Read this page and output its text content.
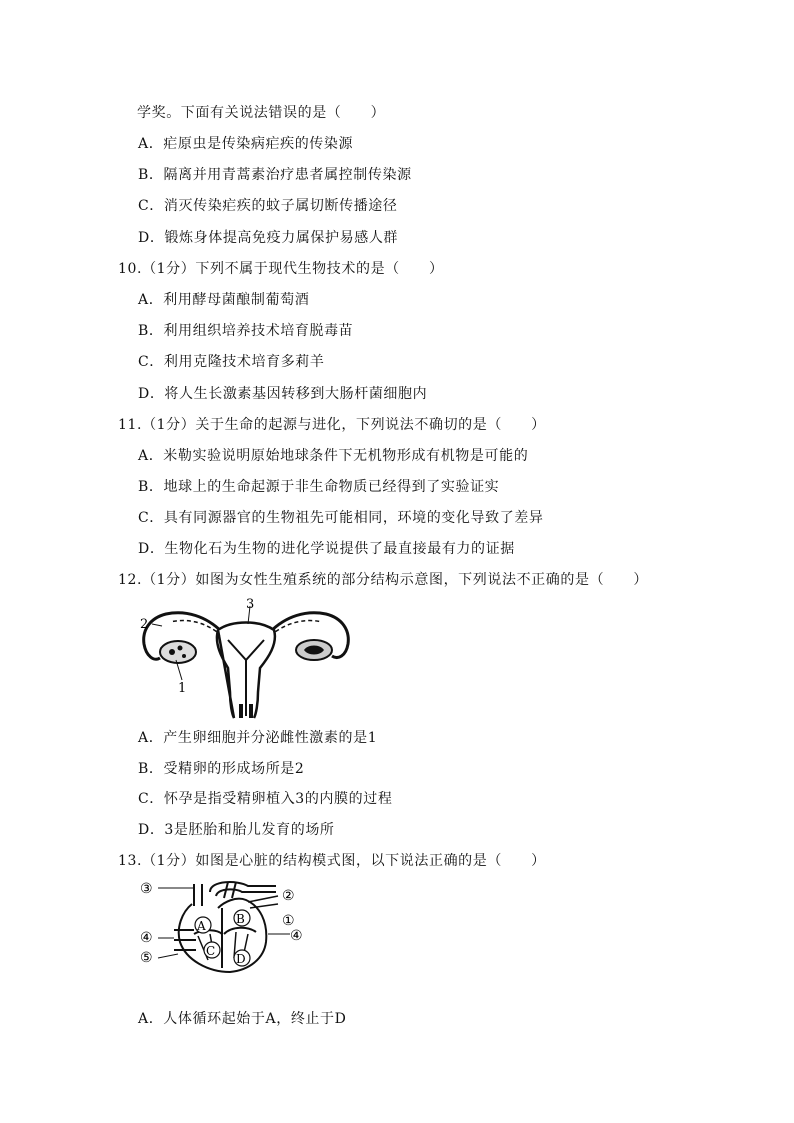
学奖。下面有关说法错误的是（　　）
A．疟原虫是传染病疟疾的传染源
B．隔离并用青蒿素治疗患者属控制传染源
C．消灭传染疟疾的蚊子属切断传播途径
D．锻炼身体提高免疫力属保护易感人群
10.（1分）下列不属于现代生物技术的是（　　）
A．利用酵母菌酿制葡萄酒
B．利用组织培养技术培育脱毒苗
C．利用克隆技术培育多莉羊
D．将人生长激素基因转移到大肠杆菌细胞内
11.（1分）关于生命的起源与进化，下列说法不确切的是（　　）
A．米勒实验说明原始地球条件下无机物形成有机物是可能的
B．地球上的生命起源于非生命物质已经得到了实验证实
C．具有同源器官的生物祖先可能相同，环境的变化导致了差异
D．生物化石为生物的进化学说提供了最直接最有力的证据
12.（1分）如图为女性生殖系统的部分结构示意图，下列说法不正确的是（　　）
3
2
1
A．产生卵细胞并分泌雌性激素的是1
B．受精卵的形成场所是2
C．怀孕是指受精卵植入3的内膜的过程
D．3是胚胎和胎儿发育的场所
13.（1分）如图是心脏的结构模式图，以下说法正确的是（　　）
A	B
C
D
③	②
①
④	④
⑤
A．人体循环起始于A，终止于D
